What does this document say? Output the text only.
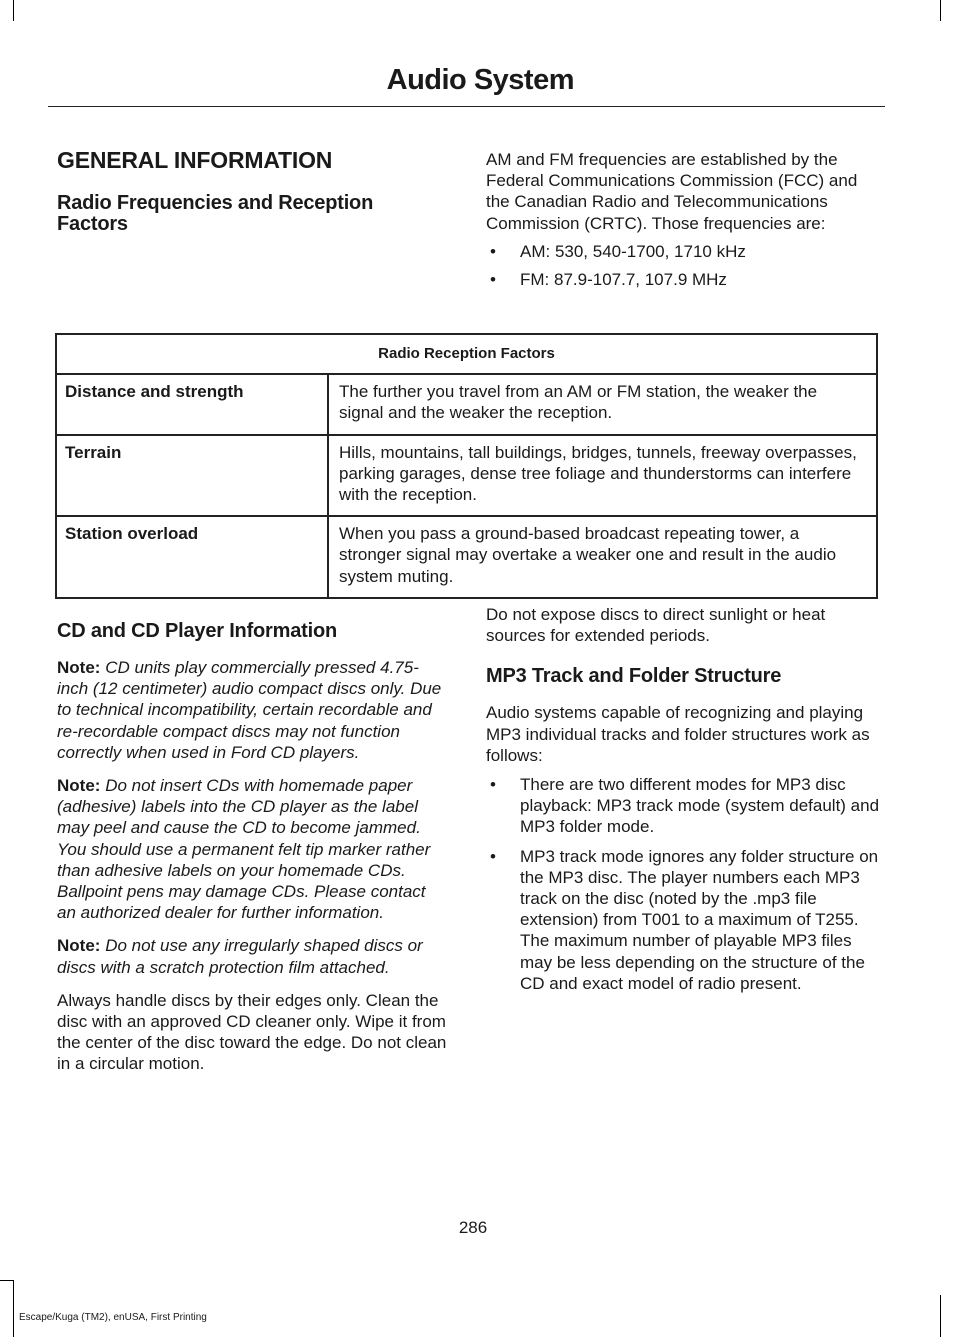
Audio System
GENERAL INFORMATION
Radio Frequencies and Reception Factors

AM and FM frequencies are established by the Federal Communications Commission (FCC) and the Canadian Radio and Telecommunications Commission (CRTC). Those frequencies are:

• AM: 530, 540-1700, 1710 kHz
• FM: 87.9-107.7, 107.9 MHz
Radio Reception Factors	
Distance and strength	The further you travel from an AM or FM station, the weaker the signal and the weaker the reception.
Terrain	Hills, mountains, tall buildings, bridges, tunnels, freeway overpasses, parking garages, dense tree foliage and thunderstorms can interfere with the reception.
Station overload	When you pass a ground-based broadcast repeating tower, a stronger signal may overtake a weaker one and result in the audio system muting.
CD and CD Player Information

Note: CD units play commercially pressed 4.75-inch (12 centimeter) audio compact discs only. Due to technical incompatibility, certain recordable and re-recordable compact discs may not function correctly when used in Ford CD players.

Note: Do not insert CDs with homemade paper (adhesive) labels into the CD player as the label may peel and cause the CD to become jammed. You should use a permanent felt tip marker rather than adhesive labels on your homemade CDs. Ballpoint pens may damage CDs. Please contact an authorized dealer for further information.

Note: Do not use any irregularly shaped discs or discs with a scratch protection film attached.

Always handle discs by their edges only. Clean the disc with an approved CD cleaner only. Wipe it from the center of the disc toward the edge. Do not clean in a circular motion.

Do not expose discs to direct sunlight or heat sources for extended periods.

MP3 Track and Folder Structure

Audio systems capable of recognizing and playing MP3 individual tracks and folder structures work as follows:

• There are two different modes for MP3 disc playback: MP3 track mode (system default) and MP3 folder mode.
• MP3 track mode ignores any folder structure on the MP3 disc. The player numbers each MP3 track on the disc (noted by the .mp3 file extension) from T001 to a maximum of T255. The maximum number of playable MP3 files may be less depending on the structure of the CD and exact model of radio present.
286
Escape/Kuga (TM2), enUSA, First Printing
